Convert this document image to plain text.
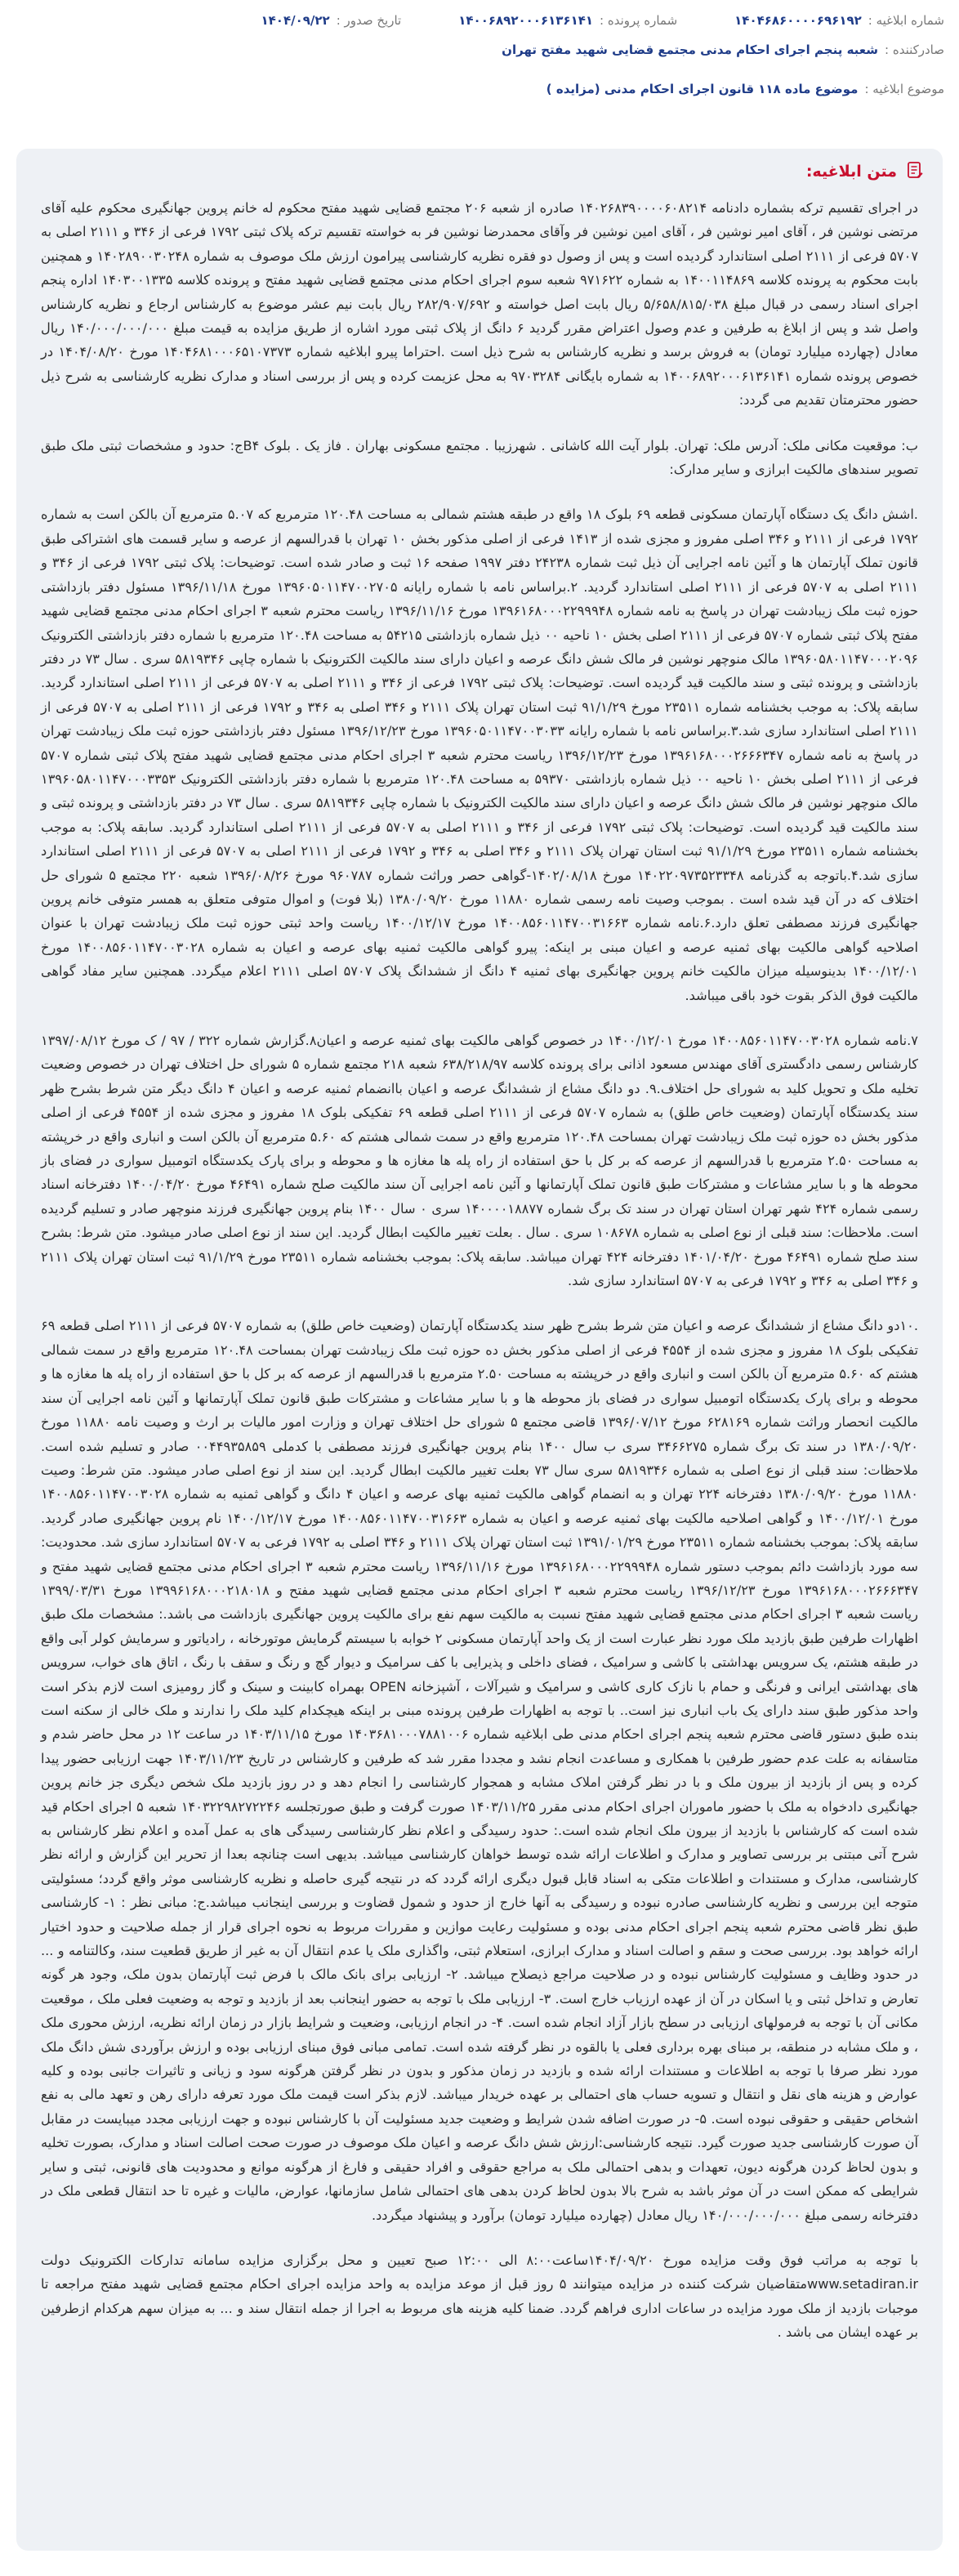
شماره ابلاغیه :
۱۴۰۴۶۸۶۰۰۰۰۶۹۶۱۹۲
شماره پرونده :
۱۴۰۰۶۸۹۲۰۰۰۶۱۳۶۱۴۱
تاریخ صدور :
۱۴۰۴/۰۹/۲۲
صادرکننده :
شعبه پنجم اجرای احکام مدنی مجتمع قضایی شهید مفتح تهران
موضوع ابلاغیه :
موضوع ماده ۱۱۸ قانون اجرای احکام مدنی (مزایده )
متن ابلاغیه:

در اجرای تقسیم ترکه بشماره دادنامه ۱۴۰۲۶۸۳۹۰۰۰۰۶۰۸۲۱۴ صادره از شعبه ۲۰۶ مجتمع قضایی شهید مفتح محکوم له خانم پروین جهانگیری محکوم علیه آقای مرتضی نوشین فر ، آقای امیر نوشین فر ، آقای امین نوشین فر وآقای محمدرضا نوشین فر به خواسته تقسیم ترکه پلاک ثبتی ۱۷۹۲ فرعی از ۳۴۶ و ۲۱۱۱ اصلی به ۵۷۰۷ فرعی از ۲۱۱۱ اصلی استاندارد گردیده است و پس از وصول دو فقره نظریه کارشناسی پیرامون ارزش ملک موصوف به شماره ۱۴۰۲۸۹۰۰۳۰۲۴۸ و همچنین بابت محکوم به پرونده کلاسه ۱۴۰۰۱۱۴۸۶۹ به شماره ۹۷۱۶۲۲ شعبه سوم اجرای احکام مدنی مجتمع قضایی شهید مفتح و پرونده کلاسه ۱۴۰۳۰۰۱۳۳۵ اداره پنجم اجرای اسناد رسمی در قبال مبلغ ۵/۶۵۸/۸۱۵/۰۳۸ ریال بابت اصل خواسته و ۲۸۲/۹۰۷/۶۹۲ ریال بابت نیم عشر موضوع به کارشناس ارجاع و نظریه کارشناس واصل شد و پس از ابلاغ به طرفین و عدم وصول اعتراض مقرر گردید ۶ دانگ از پلاک ثبتی مورد اشاره از طریق مزایده به قیمت مبلغ ۱۴۰/۰۰۰/۰۰۰/۰۰۰ ریال معادل (چهارده میلیارد تومان) به فروش برسد و نظریه کارشناس به شرح ذیل است .احتراما پیرو ابلاغیه شماره ۱۴۰۴۶۸۱۰۰۰۶۵۱۰۷۳۷۳ مورخ ۱۴۰۴/۰۸/۲۰ در خصوص پرونده شماره ۱۴۰۰۶۸۹۲۰۰۰۶۱۳۶۱۴۱ به شماره بایگانی ۹۷۰۳۲۸۴ به محل عزیمت کرده و پس از بررسی اسناد و مدارک نظریه کارشناسی به شرح ذیل حضور محترمتان تقدیم می گردد:

ب: موقعیت مکانی ملک: آدرس ملک: تهران. بلوار آیت الله کاشانی . شهرزیبا . مجتمع مسکونی بهاران . فاز یک . بلوک B۴ج: حدود و مشخصات ثبتی ملک طبق تصویر سندهای مالکیت ابرازی و سایر مدارک:

.اشش دانگ یک دستگاه آپارتمان مسکونی قطعه ۶۹ بلوک ۱۸ واقع در طبقه هشتم شمالی به مساحت ۱۲۰.۴۸ مترمربع که ۵.۰۷ مترمربع آن بالکن است به شماره ۱۷۹۲ فرعی از ۲۱۱۱ و ۳۴۶ اصلی مفروز و مجزی شده از ۱۴۱۳ فرعی از اصلی مذکور بخش ۱۰ تهران با قدرالسهم از عرصه و سایر قسمت های اشتراکی طبق قانون تملک آپارتمان ها و آئین نامه اجرایی آن ذیل ثبت شماره ۲۴۲۳۸ دفتر ۱۹۹۷ صفحه ۱۶ ثبت و صادر شده است. توضیحات: پلاک ثبتی ۱۷۹۲ فرعی از ۳۴۶ و ۲۱۱۱ اصلی به ۵۷۰۷ فرعی از ۲۱۱۱ اصلی استاندارد گردید. ۲.براساس نامه با شماره رایانه ۱۳۹۶۰۵۰۱۱۴۷۰۰۲۷۰۵ مورخ ۱۳۹۶/۱۱/۱۸ مسئول دفتر بازداشتی حوزه ثبت ملک زیبادشت تهران در پاسخ به نامه شماره ۱۳۹۶۱۶۸۰۰۰۲۲۹۹۹۴۸ مورخ ۱۳۹۶/۱۱/۱۶ ریاست محترم شعبه ۳ اجرای احکام مدنی مجتمع قضایی شهید مفتح پلاک ثبتی شماره ۵۷۰۷ فرعی از ۲۱۱۱ اصلی بخش ۱۰ ناحیه ۰۰ ذیل شماره بازداشتی ۵۴۲۱۵ به مساحت ۱۲۰.۴۸ مترمربع با شماره دفتر بازداشتی الکترونیک ۱۳۹۶۰۵۸۰۱۱۴۷۰۰۰۲۰۹۶ مالک منوچهر نوشین فر مالک شش دانگ عرصه و اعیان دارای سند مالکیت الکترونیک با شماره چاپی ۵۸۱۹۳۴۶ سری . سال ۷۳ در دفتر بازداشتی و پرونده ثبتی و سند مالکیت قید گردیده است. توضیحات: پلاک ثبتی ۱۷۹۲ فرعی از ۳۴۶ و ۲۱۱۱ اصلی به ۵۷۰۷ فرعی از ۲۱۱۱ اصلی استاندارد گردید. سابقه پلاک: به موجب بخشنامه شماره ۲۳۵۱۱ مورخ ۹۱/۱/۲۹ ثبت استان تهران پلاک ۲۱۱۱ و ۳۴۶ اصلی به ۳۴۶ و ۱۷۹۲ فرعی از ۲۱۱۱ اصلی به ۵۷۰۷ فرعی از ۲۱۱۱ اصلی استاندارد سازی شد.۳.براساس نامه با شماره رایانه ۱۳۹۶۰۵۰۱۱۴۷۰۰۳۰۳۳ مورخ ۱۳۹۶/۱۲/۲۳ مسئول دفتر بازداشتی حوزه ثبت ملک زیبادشت تهران در پاسخ به نامه شماره ۱۳۹۶۱۶۸۰۰۰۲۶۶۶۳۴۷ مورخ ۱۳۹۶/۱۲/۲۳ ریاست محترم شعبه ۳ اجرای احکام مدنی مجتمع قضایی شهید مفتح پلاک ثبتی شماره ۵۷۰۷ فرعی از ۲۱۱۱ اصلی بخش ۱۰ ناحیه ۰۰ ذیل شماره بازداشتی ۵۹۳۷۰ به مساحت ۱۲۰.۴۸ مترمربع با شماره دفتر بازداشتی الکترونیک ۱۳۹۶۰۵۸۰۱۱۴۷۰۰۰۳۳۵۳ مالک منوچهر نوشین فر مالک شش دانگ عرصه و اعیان دارای سند مالکیت الکترونیک با شماره چاپی ۵۸۱۹۳۴۶ سری . سال ۷۳ در دفتر بازداشتی و پرونده ثبتی و سند مالکیت قید گردیده است. توضیحات: پلاک ثبتی ۱۷۹۲ فرعی از ۳۴۶ و ۲۱۱۱ اصلی به ۵۷۰۷ فرعی از ۲۱۱۱ اصلی استاندارد گردید. سابقه پلاک: به موجب بخشنامه شماره ۲۳۵۱۱ مورخ ۹۱/۱/۲۹ ثبت استان تهران پلاک ۲۱۱۱ و ۳۴۶ اصلی به ۳۴۶ و ۱۷۹۲ فرعی از ۲۱۱۱ اصلی به ۵۷۰۷ فرعی از ۲۱۱۱ اصلی استاندارد سازی شد.۴.باتوجه به گذرنامه ۱۴۰۲۲۰۹۷۳۵۲۳۳۴۸ مورخ ۱۴۰۲/۰۸/۱۸-گواهی حصر وراثت شماره ۹۶۰۷۸۷ مورخ ۱۳۹۶/۰۸/۲۶ شعبه ۲۲۰ مجتمع ۵ شورای حل اختلاف که در آن قید شده است . بموجب وصیت نامه رسمی شماره ۱۱۸۸۰ مورخ ۱۳۸۰/۰۹/۲۰ (بلا فوت) و اموال متوفی متعلق به همسر متوفی خانم پروین جهانگیری فرزند مصطفی تعلق دارد.۶.نامه شماره ۱۴۰۰۸۵۶۰۱۱۴۷۰۰۳۱۶۶۳ مورخ ۱۴۰۰/۱۲/۱۷ ریاست واحد ثبتی حوزه ثبت ملک زیبادشت تهران با عنوان اصلاحیه گواهی مالکیت بهای ثمنیه عرصه و اعیان مبنی بر اینکه: پیرو گواهی مالکیت ثمنیه بهای عرصه و اعیان به شماره ۱۴۰۰۸۵۶۰۱۱۴۷۰۰۳۰۲۸ مورخ ۱۴۰۰/۱۲/۰۱ بدینوسیله میزان مالکیت خانم پروین جهانگیری بهای ثمنیه ۴ دانگ از ششدانگ پلاک ۵۷۰۷ اصلی ۲۱۱۱ اعلام میگردد. همچنین سایر مفاد گواهی مالکیت فوق الذکر بقوت خود باقی میباشد.

۷.نامه شماره ۱۴۰۰۸۵۶۰۱۱۴۷۰۰۳۰۲۸ مورخ ۱۴۰۰/۱۲/۰۱ در خصوص گواهی مالکیت بهای ثمنیه عرصه و اعیان۸.گزارش شماره ۳۲۲ / ۹۷ / ک مورخ ۱۳۹۷/۰۸/۱۲ کارشناس رسمی دادگستری آقای مهندس مسعود اذانی برای پرونده کلاسه ۶۳۸/۲۱۸/۹۷ شعبه ۲۱۸ مجتمع شماره ۵ شورای حل اختلاف تهران در خصوص وضعیت تخلیه ملک و تحویل کلید به شورای حل اختلاف.۹. دو دانگ مشاع از ششدانگ عرصه و اعیان باانضمام ثمنیه عرصه و اعیان ۴ دانگ دیگر متن شرط بشرح ظهر سند یکدستگاه آپارتمان (وضعیت خاص طلق) به شماره ۵۷۰۷ فرعی از ۲۱۱۱ اصلی قطعه ۶۹ تفکیکی بلوک ۱۸ مفروز و مجزی شده از ۴۵۵۴ فرعی از اصلی مذکور بخش ده حوزه ثبت ملک زیبادشت تهران بمساحت ۱۲۰.۴۸ مترمربع واقع در سمت شمالی هشتم که ۵.۶۰ مترمربع آن بالکن است و انباری واقع در خرپشته به مساحت ۲.۵۰ مترمربع با قدرالسهم از عرصه که بر کل با حق استفاده از راه پله ها مغازه ها و محوطه و برای پارک یکدستگاه اتومبیل سواری در فضای باز محوطه ها و با سایر مشاعات و مشترکات طبق قانون تملک آپارتمانها و آئین نامه اجرایی آن سند مالکیت صلح شماره ۴۶۴۹۱ مورخ ۱۴۰۰/۰۴/۲۰ دفترخانه اسناد رسمی شماره ۴۲۴ شهر تهران استان تهران در سند تک برگ شماره ۱۴۰۰۰۰۱۸۸۷۷ سری ۰ سال ۱۴۰۰ بنام پروین جهانگیری فرزند منوچهر صادر و تسلیم گردیده است. ملاحظات: سند قبلی از نوع اصلی به شماره ۱۰۸۶۷۸ سری . سال . بعلت تغییر مالکیت ابطال گردید. این سند از نوع اصلی صادر میشود. متن شرط: بشرح سند صلح شماره ۴۶۴۹۱ مورخ ۱۴۰۱/۰۴/۲۰ دفترخانه ۴۲۴ تهران میباشد. سابقه پلاک: بموجب بخشنامه شماره ۲۳۵۱۱ مورخ ۹۱/۱/۲۹ ثبت استان تهران پلاک ۲۱۱۱ و ۳۴۶ اصلی به ۳۴۶ و ۱۷۹۲ فرعی به ۵۷۰۷ استاندارد سازی شد.

.۱۰دو دانگ مشاع از ششدانگ عرصه و اعیان متن شرط بشرح ظهر سند یکدستگاه آپارتمان (وضعیت خاص طلق) به شماره ۵۷۰۷ فرعی از ۲۱۱۱ اصلی قطعه ۶۹ تفکیکی بلوک ۱۸ مفروز و مجزی شده از ۴۵۵۴ فرعی از اصلی مذکور بخش ده حوزه ثبت ملک زیبادشت تهران بمساحت ۱۲۰.۴۸ مترمربع واقع در سمت شمالی هشتم که ۵.۶۰ مترمربع آن بالکن است و انباری واقع در خرپشته به مساحت ۲.۵۰ مترمربع با قدرالسهم از عرصه که بر کل با حق استفاده از راه پله ها مغازه ها و محوطه و برای پارک یکدستگاه اتومبیل سواری در فضای باز محوطه ها و با سایر مشاعات و مشترکات طبق قانون تملک آپارتمانها و آئین نامه اجرایی آن سند مالکیت انحصار وراثت شماره ۶۲۸۱۶۹ مورخ ۱۳۹۶/۰۷/۱۲ قاضی مجتمع ۵ شورای حل اختلاف تهران و وزارت امور مالیات بر ارث و وصیت نامه ۱۱۸۸۰ مورخ ۱۳۸۰/۰۹/۲۰ در سند تک برگ شماره ۳۴۶۶۲۷۵ سری ب سال ۱۴۰۰ بنام پروین جهانگیری فرزند مصطفی با کدملی ۰۰۴۴۹۳۵۸۵۹ صادر و تسلیم شده است. ملاحظات: سند قبلی از نوع اصلی به شماره ۵۸۱۹۳۴۶ سری سال ۷۳ بعلت تغییر مالکیت ابطال گردید. این سند از نوع اصلی صادر میشود. متن شرط: وصیت ۱۱۸۸۰ مورخ ۱۳۸۰/۰۹/۲۰ دفترخانه ۲۲۴ تهران و به انضمام گواهی مالکیت ثمنیه بهای عرصه و اعیان ۴ دانگ و گواهی ثمنیه به شماره ۱۴۰۰۸۵۶۰۱۱۴۷۰۰۳۰۲۸ مورخ ۱۴۰۰/۱۲/۰۱ و گواهی اصلاحیه مالکیت بهای ثمنیه عرصه و اعیان به شماره ۱۴۰۰۸۵۶۰۱۱۴۷۰۰۳۱۶۶۳ مورخ ۱۴۰۰/۱۲/۱۷ نام پروین جهانگیری صادر گردید. سابقه پلاک: بموجب بخشنامه شماره ۲۳۵۱۱ مورخ ۱۳۹۱/۰۱/۲۹ ثبت استان تهران پلاک ۲۱۱۱ و ۳۴۶ اصلی به ۱۷۹۲ فرعی به ۵۷۰۷ استاندارد سازی شد. محدودیت: سه مورد بازداشت دائم بموجب دستور شماره ۱۳۹۶۱۶۸۰۰۰۲۲۹۹۹۴۸ مورخ ۱۳۹۶/۱۱/۱۶ ریاست محترم شعبه ۳ اجرای احکام مدنی مجتمع قضایی شهید مفتح و ۱۳۹۶۱۶۸۰۰۰۲۶۶۶۳۴۷ مورخ ۱۳۹۶/۱۲/۲۳ ریاست محترم شعبه ۳ اجرای احکام مدنی مجتمع قضایی شهید مفتح و ۱۳۹۹۶۱۶۸۰۰۰۲۱۸۰۱۸ مورخ ۱۳۹۹/۰۳/۳۱ ریاست شعبه ۳ اجرای احکام مدنی مجتمع قضایی شهید مفتح نسبت به مالکیت سهم نفع برای مالکیت پروین جهانگیری بازداشت می باشد.: مشخصات ملک طبق اظهارات طرفین طبق بازدید ملک مورد نظر عبارت است از یک واحد آپارتمان مسکونی ۲ خوابه با سیستم گرمایش موتورخانه ، رادیاتور و سرمایش کولر آبی واقع در طبقه هشتم، یک سرویس بهداشتی با کاشی و سرامیک ، فضای داخلی و پذیرایی با کف سرامیک و دیوار گچ و رنگ و سقف با رنگ ، اتاق های خواب، سرویس های بهداشتی ایرانی و فرنگی و حمام با نازک کاری کاشی و سرامیک و شیرآلات ، آشپزخانه OPEN بهمراه کابینت و سینک و گاز رومیزی است لازم بذکر است واحد مذکور طبق سند دارای یک باب انباری نیز است.. با توجه به اظهارات طرفین پرونده مبنی بر اینکه هیچکدام کلید ملک را ندارند و ملک خالی از سکنه است بنده طبق دستور قاضی محترم شعبه پنجم اجرای احکام مدنی طی ابلاغیه شماره ۱۴۰۳۶۸۱۰۰۰۷۸۸۱۰۰۶ مورخ ۱۴۰۳/۱۱/۱۵ در ساعت ۱۲ در محل حاضر شدم و متاسفانه به علت عدم حضور طرفین با همکاری و مساعدت انجام نشد و مجددا مقرر شد که طرفین و کارشناس در تاریخ ۱۴۰۳/۱۱/۲۳ جهت ارزیابی حضور پیدا کرده و پس از بازدید از بیرون ملک و با در نظر گرفتن املاک مشابه و همجوار کارشناسی را انجام دهد و در روز بازدید ملک شخص دیگری جز خانم پروین جهانگیری دادخواه به ملک با حضور ماموران اجرای احکام مدنی مقرر ۱۴۰۳/۱۱/۲۵ صورت گرفت و طبق صورتجلسه ۱۴۰۳۲۲۹۸۲۷۲۲۴۶ شعبه ۵ اجرای احکام قید شده است که کارشناس با بازدید از بیرون ملک انجام شده است.: حدود رسیدگی و اعلام نظر کارشناسی رسیدگی های به عمل آمده و اعلام نظر کارشناس به شرح آتی مبتنی بر بررسی تصاویر و مدارک و اطلاعات ارائه شده توسط خواهان کارشناسی میباشد. بدیهی است چنانچه بعدا از تحریر این گزارش و ارائه نظر کارشناسی، مدارک و مستندات و اطلاعات متکی به اسناد قابل قبول دیگری ارائه گردد که در نتیجه گیری حاصله و نظریه کارشناسی موثر واقع گردد؛ مسئولیتی متوجه این بررسی و نظریه کارشناسی صادره نبوده و رسیدگی به آنها خارج از حدود و شمول قضاوت و بررسی اینجانب میباشد.ج: مبانی نظر : ۱- کارشناسی طبق نظر قاضی محترم شعبه پنجم اجرای احکام مدنی بوده و مسئولیت رعایت موازین و مقررات مربوط به نحوه اجرای قرار از جمله صلاحیت و حدود اختیار ارائه خواهد بود. بررسی صحت و سقم و اصالت اسناد و مدارک ابرازی، استعلام ثبتی، واگذاری ملک یا عدم انتقال آن به غیر از طریق قطعیت سند، وکالتنامه و ... در حدود وظایف و مسئولیت کارشناس نبوده و در صلاحیت مراجع ذیصلاح میباشد. ۲- ارزیابی برای بانک مالک با فرض ثبت آپارتمان بدون ملک، وجود هر گونه تعارض و تداخل ثبتی و یا اسکان در آن از عهده ارزیاب خارج است. ۳- ارزیابی ملک با توجه به حضور اینجانب بعد از بازدید و توجه به وضعیت فعلی ملک ، موقعیت مکانی آن با توجه به فرمولهای ارزیابی در سطح بازار آزاد انجام شده است. ۴- در انجام ارزیابی، وضعیت و شرایط بازار در زمان ارائه نظریه، ارزش محوری ملک ، و ملک مشابه در منطقه، بر مبنای بهره برداری فعلی یا بالقوه در نظر گرفته شده است. تمامی مبانی فوق مبنای ارزیابی بوده و ارزش برآوردی شش دانگ ملک مورد نظر صرفا با توجه به اطلاعات و مستندات ارائه شده و بازدید در زمان مذکور و بدون در نظر گرفتن هرگونه سود و زیانی و تاثیرات جانبی بوده و کلیه عوارض و هزینه های نقل و انتقال و تسویه حساب های احتمالی بر عهده خریدار میباشد. لازم بذکر است قیمت ملک مورد تعرفه دارای رهن و تعهد مالی به نفع اشخاص حقیقی و حقوقی نبوده است. ۵- در صورت اضافه شدن شرایط و وضعیت جدید مسئولیت آن با کارشناس نبوده و جهت ارزیابی مجدد میبایست در مقابل آن صورت کارشناسی جدید صورت گیرد. نتیجه کارشناسی:ارزش شش دانگ عرصه و اعیان ملک موصوف در صورت صحت اصالت اسناد و مدارک، بصورت تخلیه و بدون لحاظ کردن هرگونه دیون، تعهدات و بدهی احتمالی ملک به مراجع حقوقی و افراد حقیقی و فارغ از هرگونه موانع و محدودیت های قانونی، ثبتی و سایر شرایطی که ممکن است در آن موثر باشد به شرح بالا بدون لحاظ کردن بدهی های احتمالی شامل سازمانها، عوارض، مالیات و غیره تا حد انتقال قطعی ملک در دفترخانه رسمی مبلغ ۱۴۰/۰۰۰/۰۰۰/۰۰۰ ریال معادل (چهارده میلیارد تومان) برآورد و پیشنهاد میگردد.

با توجه به مراتب فوق وقت مزایده مورخ ۱۴۰۴/۰۹/۲۰ساعت۸:۰۰ الی ۱۲:۰۰ صبح تعیین و محل برگزاری مزایده سامانه تدارکات الکترونیک دولت www.setadiran.irمتقاضیان شرکت کننده در مزایده میتوانند ۵ روز قبل از موعد مزایده به واحد مزایده اجرای احکام مجتمع قضایی شهید مفتح مراجعه تا موجبات بازدید از ملک مورد مزایده در ساعات اداری فراهم گردد. ضمنا کلیه هزینه های مربوط به اجرا از جمله انتقال سند و ... به میزان سهم هرکدام ازطرفین بر عهده ایشان می باشد .
